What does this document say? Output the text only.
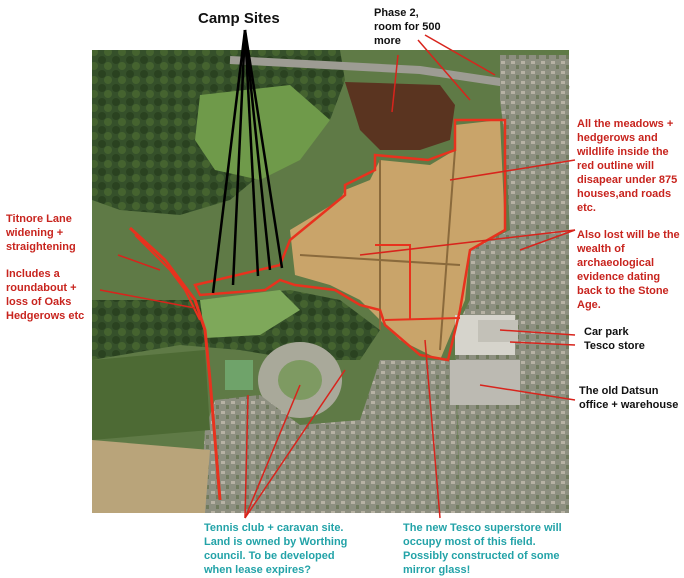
Camp Sites	Phase 2, room for 500 more
All the meadows + hedgerows and wildlife inside the red outline will disapear under 875 houses,and roads etc.
Also lost will be the wealth of archaeological evidence dating back to the Stone Age.
Titnore Lane widening + straightening
Includes a roundabout + loss of Oaks Hedgerows etc
Car park
Tesco store
The old Datsun office + warehouse
Tennis club + caravan site. Land is owned by Worthing council. To be developed when lease expires?
The new Tesco superstore will occupy most of this field. Possibly constructed of some mirror glass!
